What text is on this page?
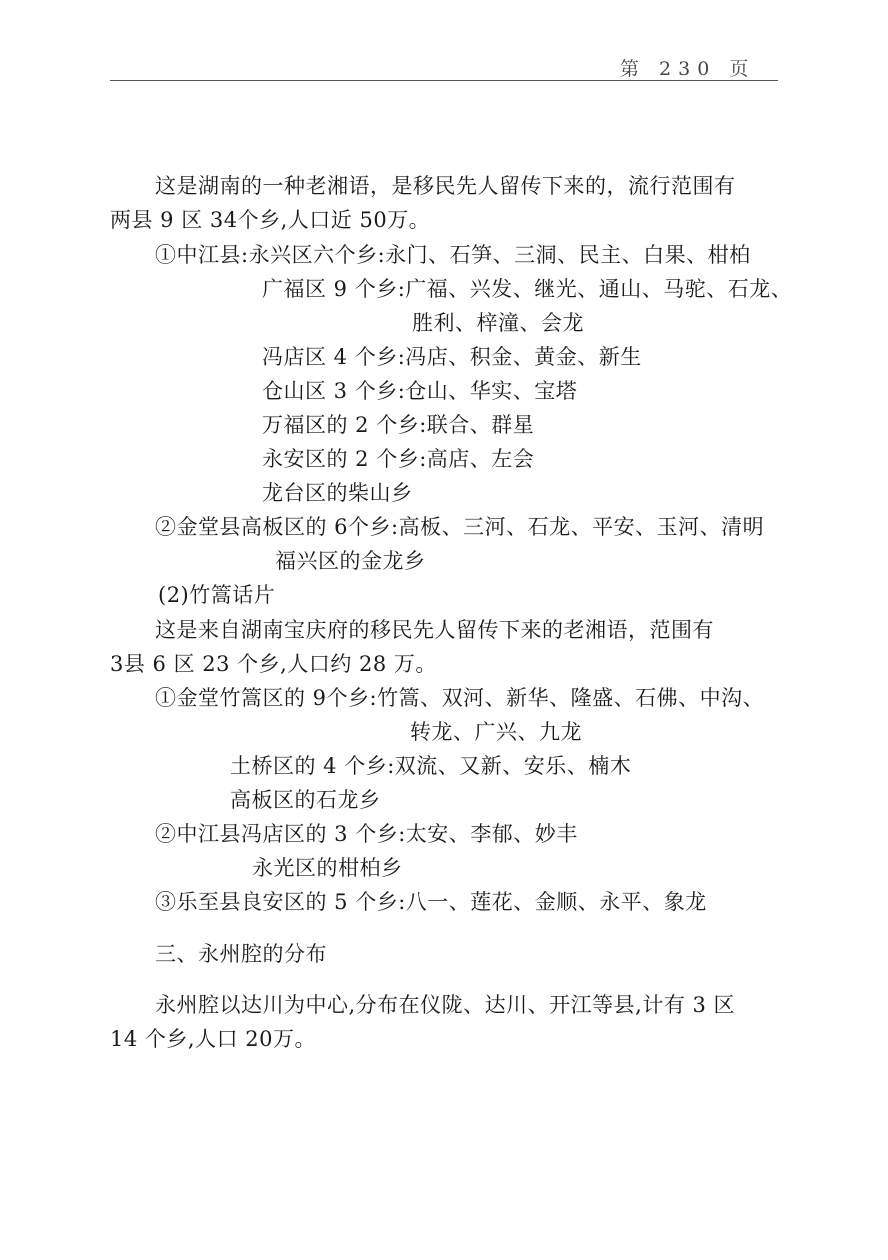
第 230 页
这是湖南的一种老湘语，是移民先人留传下来的，流行范围有
两县 9 区 34个乡,人口近 50万。
①中江县:永兴区六个乡:永门、石笋、三洞、民主、白果、柑柏
广福区 9 个乡:广福、兴发、继光、通山、马驼、石龙、
胜利、梓潼、会龙
冯店区 4 个乡:冯店、积金、黄金、新生
仓山区 3 个乡:仓山、华实、宝塔
万福区的 2 个乡:联合、群星
永安区的 2 个乡:高店、左会
龙台区的柴山乡
②金堂县高板区的 6个乡:高板、三河、石龙、平安、玉河、清明
福兴区的金龙乡
(2)竹篙话片
这是来自湖南宝庆府的移民先人留传下来的老湘语，范围有
3县 6 区 23 个乡,人口约 28 万。
①金堂竹篙区的 9个乡:竹篙、双河、新华、隆盛、石佛、中沟、
转龙、广兴、九龙
土桥区的 4 个乡:双流、又新、安乐、楠木
高板区的石龙乡
②中江县冯店区的 3 个乡:太安、李郁、妙丰
永光区的柑柏乡
③乐至县良安区的 5 个乡:八一、莲花、金顺、永平、象龙
三、永州腔的分布
永州腔以达川为中心,分布在仪陇、达川、开江等县,计有 3 区
14 个乡,人口 20万。
